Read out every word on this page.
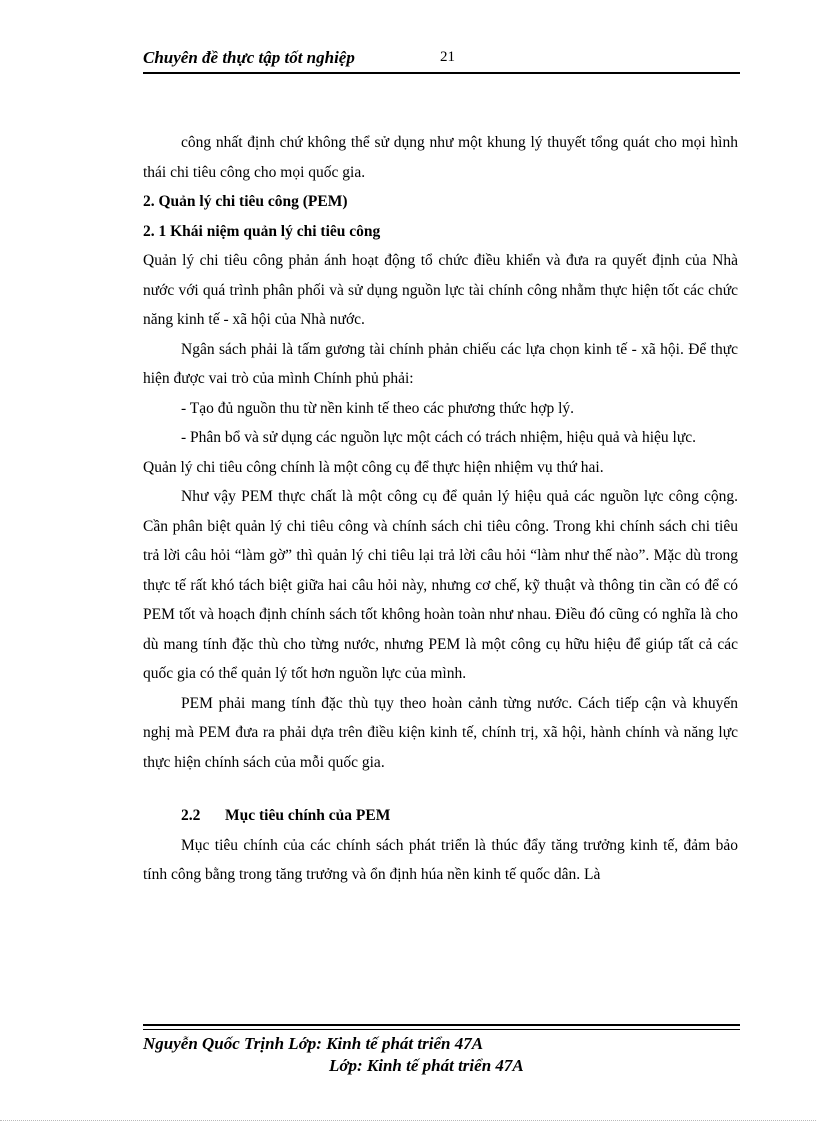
Chuyên đề thực tập tốt nghiệp	21

công nhất định chứ không thể sử dụng như một khung lý thuyết tổng quát cho mọi hình thái chi tiêu công cho mọi quốc gia.

2. Quản lý chi tiêu công (PEM)

2. 1 Khái niệm quản lý chi tiêu công

Quản lý chi tiêu công phản ánh hoạt động tổ chức điều khiển và đưa ra quyết định của Nhà nước với quá trình phân phối và sử dụng nguồn lực tài chính công nhằm thực hiện tốt các chức năng kinh tế - xã hội của Nhà nước.

Ngân sách phải là tấm gương tài chính phản chiếu các lựa chọn kinh tế - xã hội. Để thực hiện được vai trò của mình Chính phủ phải:

- Tạo đủ nguồn thu từ nền kinh tế theo các phương thức hợp lý.

- Phân bổ và sử dụng các nguồn lực một cách có trách nhiệm, hiệu quả và hiệu lực.

Quản lý chi tiêu công chính là một công cụ để thực hiện nhiệm vụ thứ hai.

Như vậy PEM thực chất là một công cụ để quản lý hiệu quả các nguồn lực công cộng. Cần phân biệt quản lý chi tiêu công và chính sách chi tiêu công. Trong khi chính sách chi tiêu trả lời câu hỏi “làm gờ” thì quản lý chi tiêu lại trả lời câu hỏi “làm như thế nào”. Mặc dù trong thực tế rất khó tách biệt giữa hai câu hỏi này, nhưng cơ chế, kỹ thuật và thông tin cần có để có PEM tốt và hoạch định chính sách tốt không hoàn toàn như nhau. Điều đó cũng có nghĩa là cho dù mang tính đặc thù cho từng nước, nhưng PEM là một công cụ hữu hiệu để giúp tất cả các quốc gia có thể quản lý tốt hơn nguồn lực của mình.

PEM phải mang tính đặc thù tụy theo hoàn cảnh từng nước. Cách tiếp cận và khuyến nghị mà PEM đưa ra phải dựa trên điều kiện kinh tế, chính trị, xã hội, hành chính và năng lực thực hiện chính sách của mỗi quốc gia.

2.2 Mục tiêu chính của PEM

Mục tiêu chính của các chính sách phát triển là thúc đẩy tăng trưởng kinh tế, đảm bảo tính công bằng trong tăng trưởng và ổn định húa nền kinh tế quốc dân. Là

Nguyễn Quốc Trịnh Lớp: Kinh tế phát triển 47A
Lớp: Kinh tế phát triển 47A
